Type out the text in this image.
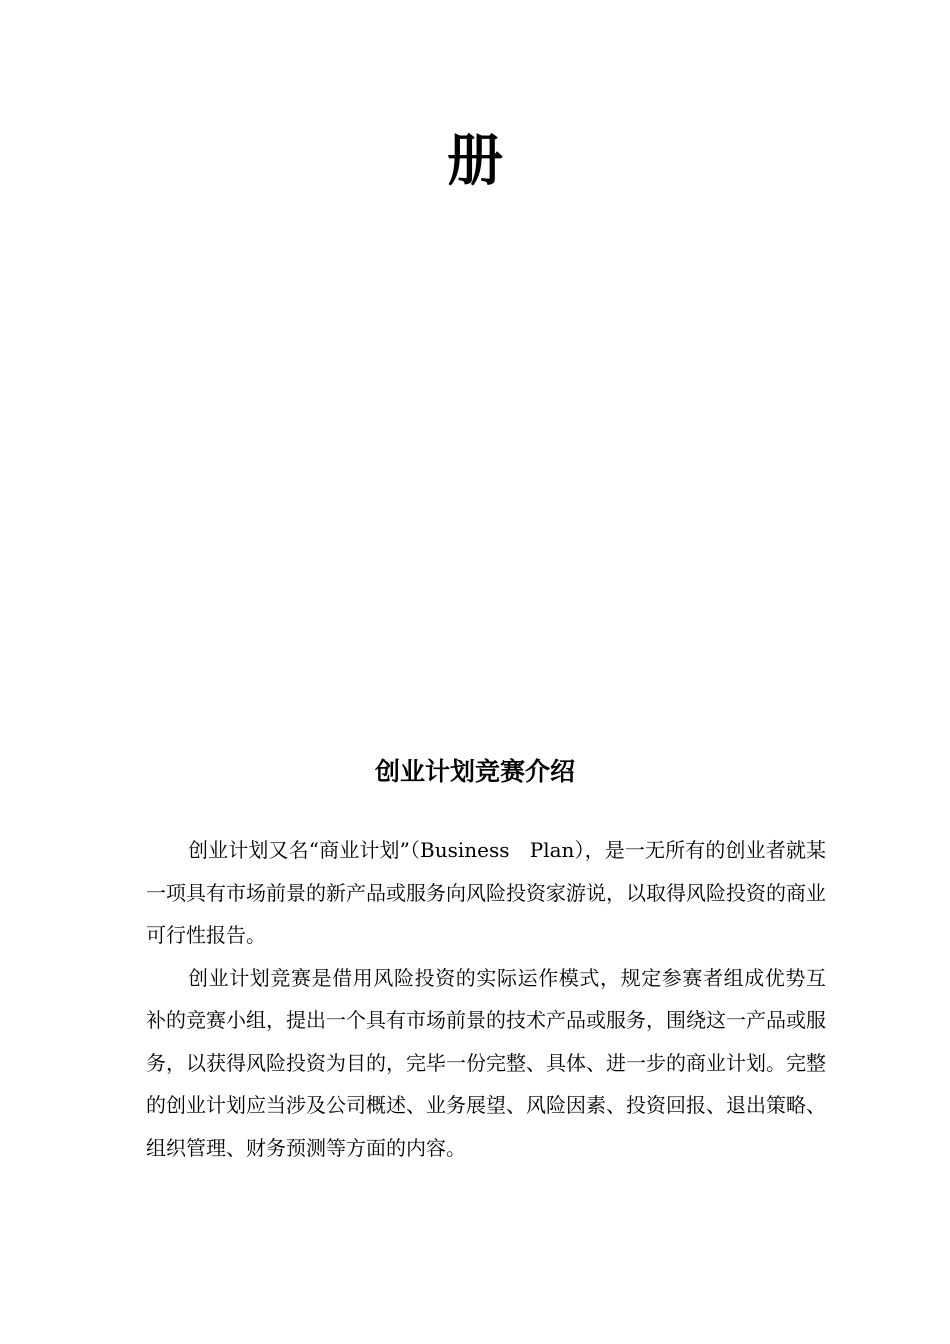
册
创业计划竞赛介绍

创业计划又名“商业计划”（Business　Plan），是一无所有的创业者就某一项具有市场前景的新产品或服务向风险投资家游说，以取得风险投资的商业可行性报告。

创业计划竞赛是借用风险投资的实际运作模式，规定参赛者组成优势互补的竞赛小组，提出一个具有市场前景的技术产品或服务，围绕这一产品或服务，以获得风险投资为目的，完毕一份完整、具体、进一步的商业计划。完整的创业计划应当涉及公司概述、业务展望、风险因素、投资回报、退出策略、组织管理、财务预测等方面的内容。
